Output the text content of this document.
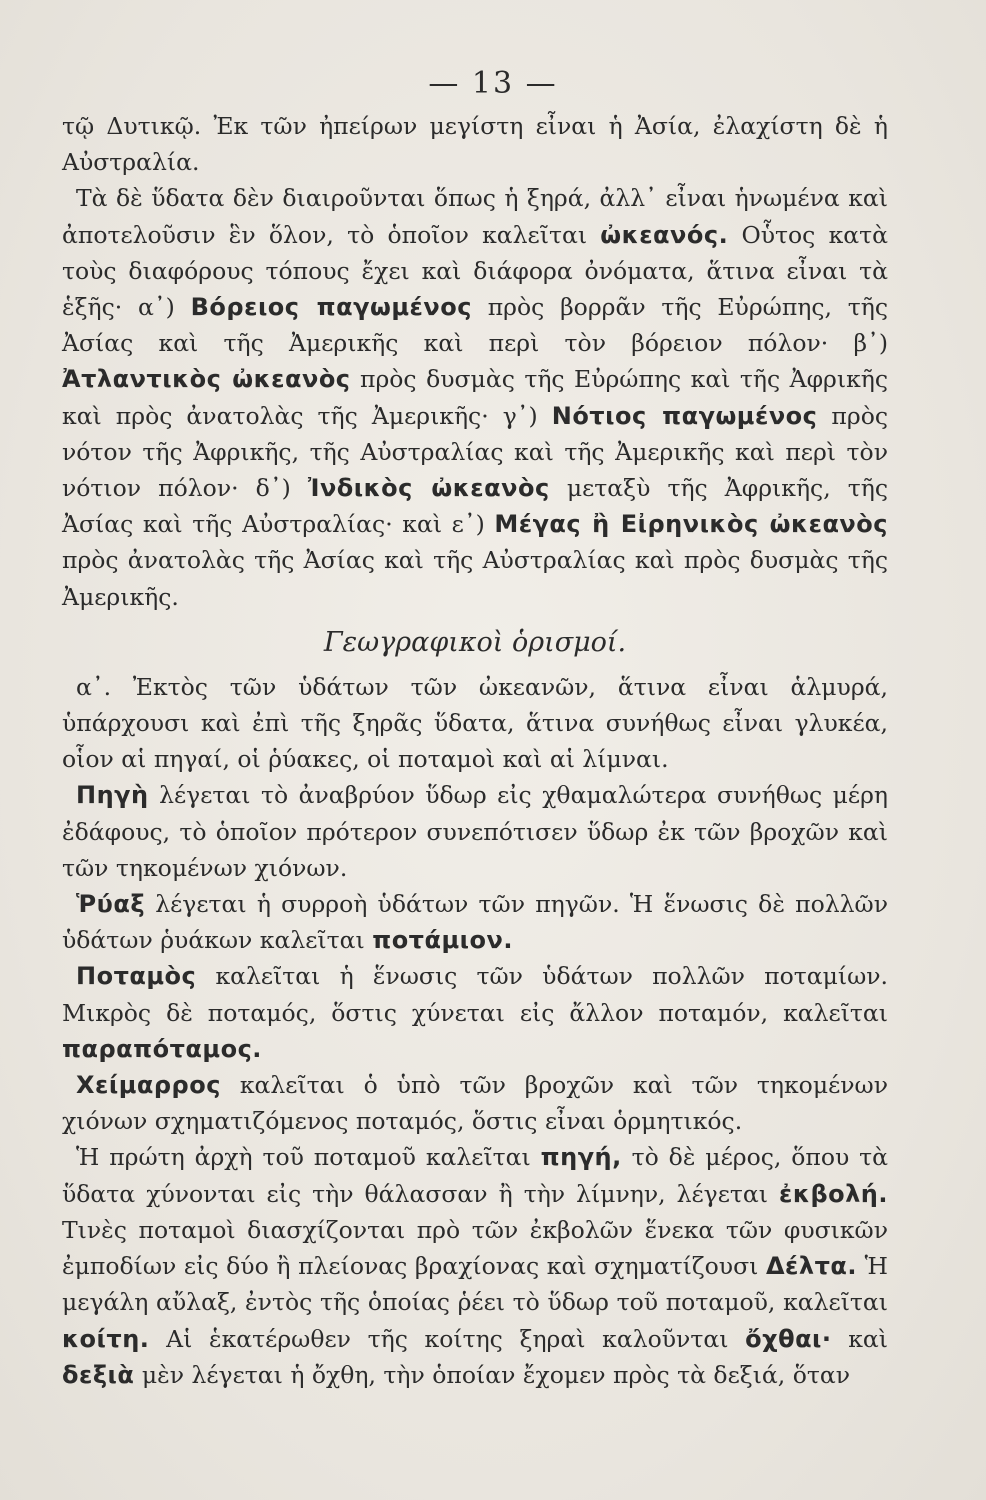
— 13 —

τῷ Δυτικῷ. Ἐκ τῶν ἠπείρων μεγίστη εἶναι ἡ Ἀσία, ἐλαχίστη δὲ ἡ Αὐστραλία.

Τὰ δὲ ὕδατα δὲν διαιροῦνται ὅπως ἡ ξηρά, ἀλλ᾽ εἶναι ἡνωμένα καὶ ἀποτελοῦσιν ἓν ὅλον, τὸ ὁποῖον καλεῖται ὠκεανός. Οὗτος κατὰ τοὺς διαφόρους τόπους ἔχει καὶ διάφορα ὀνόματα, ἅτινα εἶναι τὰ ἑξῆς· α᾽) Βόρειος παγωμένος πρὸς βορρᾶν τῆς Εὐρώπης, τῆς Ἀσίας καὶ τῆς Ἀμερικῆς καὶ περὶ τὸν βόρειον πόλον· β᾽) Ἀτλαντικὸς ὠκεανὸς πρὸς δυσμὰς τῆς Εὐρώπης καὶ τῆς Ἀφρικῆς καὶ πρὸς ἀνατολὰς τῆς Ἀμερικῆς· γ᾽) Νότιος παγωμένος πρὸς νότον τῆς Ἀφρικῆς, τῆς Αὐστραλίας καὶ τῆς Ἀμερικῆς καὶ περὶ τὸν νότιον πόλον· δ᾽) Ἰνδικὸς ὠκεανὸς μεταξὺ τῆς Ἀφρικῆς, τῆς Ἀσίας καὶ τῆς Αὐστραλίας· καὶ ε᾽) Μέγας ἢ Εἰρηνικὸς ὠκεανὸς πρὸς ἀνατολὰς τῆς Ἀσίας καὶ τῆς Αὐστραλίας καὶ πρὸς δυσμὰς τῆς Ἀμερικῆς.

Γεωγραφικοὶ ὁρισμοί.

α᾽. Ἐκτὸς τῶν ὑδάτων τῶν ὠκεανῶν, ἅτινα εἶναι ἁλμυρά, ὑπάρχουσι καὶ ἐπὶ τῆς ξηρᾶς ὕδατα, ἅτινα συνήθως εἶναι γλυκέα, οἷον αἱ πηγαί, οἱ ῥύακες, οἱ ποταμοὶ καὶ αἱ λίμναι.

Πηγὴ λέγεται τὸ ἀναβρύον ὕδωρ εἰς χθαμαλώτερα συνήθως μέρη ἐδάφους, τὸ ὁποῖον πρότερον συνεπότισεν ὕδωρ ἐκ τῶν βροχῶν καὶ τῶν τηκομένων χιόνων.

Ῥύαξ λέγεται ἡ συρροὴ ὑδάτων τῶν πηγῶν. Ἡ ἕνωσις δὲ πολλῶν ὑδάτων ῥυάκων καλεῖται ποτάμιον.

Ποταμὸς καλεῖται ἡ ἕνωσις τῶν ὑδάτων πολλῶν ποταμίων. Μικρὸς δὲ ποταμός, ὅστις χύνεται εἰς ἄλλον ποταμόν, καλεῖται παραπόταμος.

Χείμαρρος καλεῖται ὁ ὑπὸ τῶν βροχῶν καὶ τῶν τηκομένων χιόνων σχηματιζόμενος ποταμός, ὅστις εἶναι ὁρμητικός.

Ἡ πρώτη ἀρχὴ τοῦ ποταμοῦ καλεῖται πηγή, τὸ δὲ μέρος, ὅπου τὰ ὕδατα χύνονται εἰς τὴν θάλασσαν ἢ τὴν λίμνην, λέγεται ἐκβολή. Τινὲς ποταμοὶ διασχίζονται πρὸ τῶν ἐκβολῶν ἕνεκα τῶν φυσικῶν ἐμποδίων εἰς δύο ἢ πλείονας βραχίονας καὶ σχηματίζουσι Δέλτα. Ἡ μεγάλη αὔλαξ, ἐντὸς τῆς ὁποίας ῥέει τὸ ὕδωρ τοῦ ποταμοῦ, καλεῖται κοίτη. Αἱ ἑκατέρωθεν τῆς κοίτης ξηραὶ καλοῦνται ὄχθαι· καὶ δεξιὰ μὲν λέγεται ἡ ὄχθη, τὴν ὁποίαν ἔχομεν πρὸς τὰ δεξιά, ὅταν
